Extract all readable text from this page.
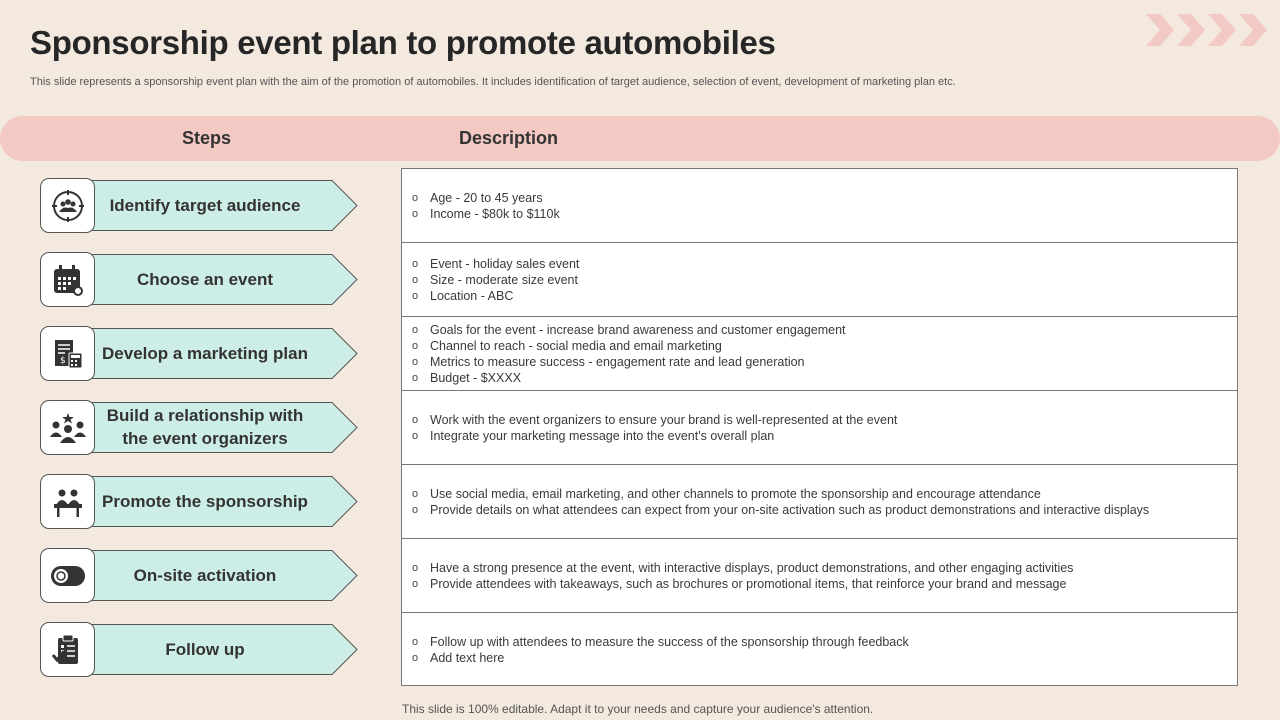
Sponsorship event plan to promote automobiles
This slide represents a sponsorship event plan with the aim of the promotion of automobiles. It includes identification of target audience, selection of event, development of marketing plan etc.
Steps	Description
Identify target audience
Choose an event
$ Develop a marketing plan
Build a relationship with the event organizers
Promote the sponsorship
On-site activation
Follow up
o Age - 20 to 45 years
o Income - $80k to $110k
o Event - holiday sales event
o Size - moderate size event
o Location - ABC
o Goals for the event - increase brand awareness and customer engagement
o Channel to reach - social media and email marketing
o Metrics to measure success - engagement rate and lead generation
o Budget - $XXXX
o Work with the event organizers to ensure your brand is well-represented at the event
o Integrate your marketing message into the event's overall plan
o Use social media, email marketing, and other channels to promote the sponsorship and encourage attendance
o Provide details on what attendees can expect from your on-site activation such as product demonstrations and interactive displays
o Have a strong presence at the event, with interactive displays, product demonstrations, and other engaging activities
o Provide attendees with takeaways, such as brochures or promotional items, that reinforce your brand and message
o Follow up with attendees to measure the success of the sponsorship through feedback
o Add text here
This slide is 100% editable. Adapt it to your needs and capture your audience's attention.
